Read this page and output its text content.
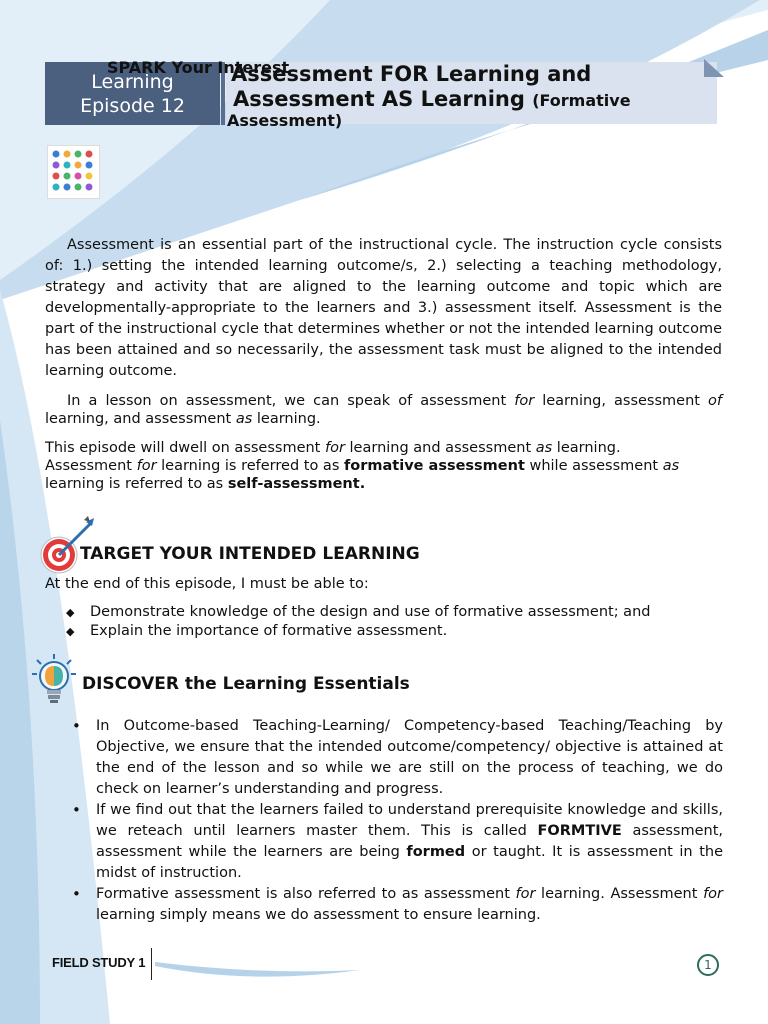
Learning
Episode 12
Assessment FOR Learning and
SPARK Your Interest
Assessment AS Learning (Formative
Assessment)
Assessment is an essential part of the instructional cycle. The instruction cycle consists of: 1.) setting the intended learning outcome/s, 2.) selecting a teaching methodology, strategy and activity that are aligned to the learning outcome and topic which are developmentally-appropriate to the learners and 3.) assessment itself. Assessment is the part of the instructional cycle that determines whether or not the intended learning outcome has been attained and so necessarily, the assessment task must be aligned to the intended learning outcome.
In a lesson on assessment, we can speak of assessment for learning, assessment of learning, and assessment as learning.
This episode will dwell on assessment for learning and assessment as learning.
Assessment for learning is referred to as formative assessment while assessment as
learning is referred to as self-assessment.
TARGET YOUR INTENDED LEARNING
At the end of this episode, I must be able to:
◆	Demonstrate knowledge of the design and use of formative assessment; and
◆	Explain the importance of formative assessment.
DISCOVER the Learning Essentials
•	In Outcome-based Teaching-Learning/ Competency-based Teaching/Teaching by Objective, we ensure that the intended outcome/competency/ objective is attained at the end of the lesson and so while we are still on the process of teaching, we do check on learner’s understanding and progress.
•	If we find out that the learners failed to understand prerequisite knowledge and skills, we reteach until learners master them. This is called FORMTIVE assessment, assessment while the learners are being formed or taught. It is assessment in the midst of instruction.
•	Formative assessment is also referred to as assessment for learning. Assessment for learning simply means we do assessment to ensure learning.
FIELD STUDY 1	1
